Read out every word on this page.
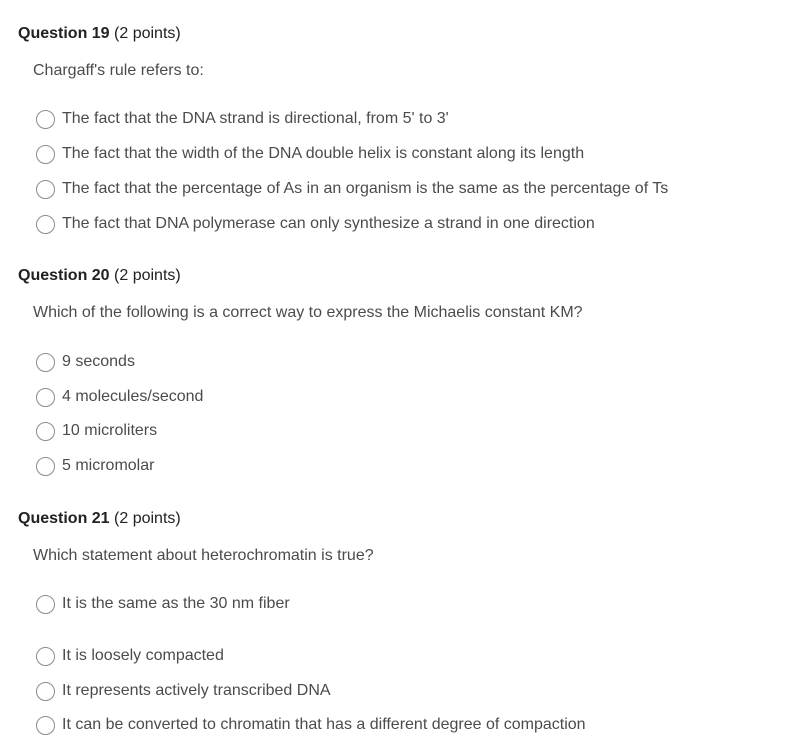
Question 19 (2 points)
Chargaff's rule refers to:
The fact that the DNA strand is directional, from 5' to 3'
The fact that the width of the DNA double helix is constant along its length
The fact that the percentage of As in an organism is the same as the percentage of Ts
The fact that DNA polymerase can only synthesize a strand in one direction
Question 20 (2 points)
Which of the following is a correct way to express the Michaelis constant KM?
9 seconds
4 molecules/second
10 microliters
5 micromolar
Question 21 (2 points)
Which statement about heterochromatin is true?
It is the same as the 30 nm fiber
It is loosely compacted
It represents actively transcribed DNA
It can be converted to chromatin that has a different degree of compaction
